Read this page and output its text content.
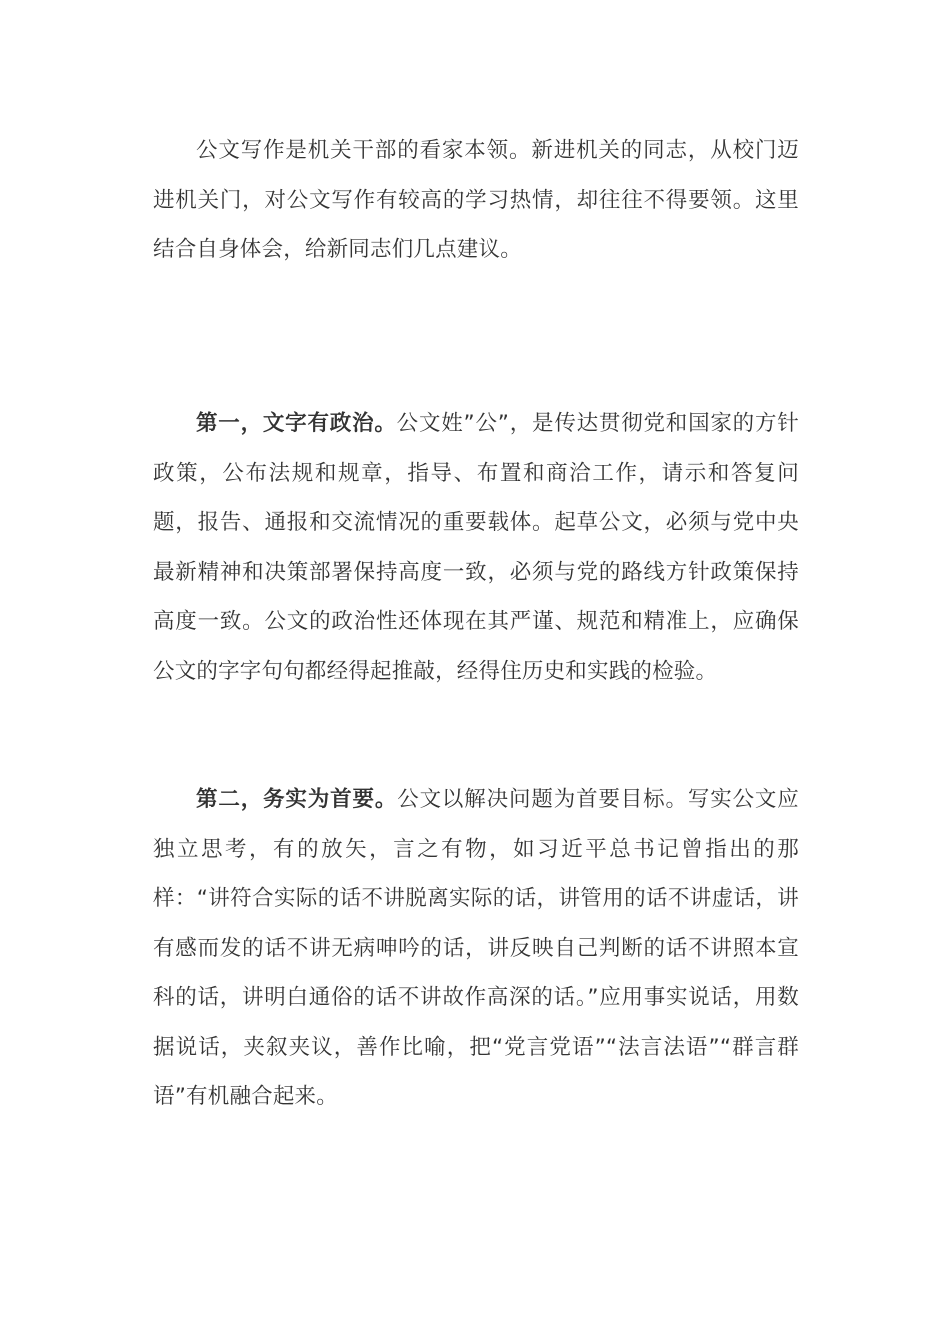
公文写作是机关干部的看家本领。新进机关的同志，从校门迈进机关门，对公文写作有较高的学习热情，却往往不得要领。这里结合自身体会，给新同志们几点建议。

第一，文字有政治。公文姓”公”，是传达贯彻党和国家的方针政策，公布法规和规章，指导、布置和商洽工作，请示和答复问题，报告、通报和交流情况的重要载体。起草公文，必须与党中央最新精神和决策部署保持高度一致，必须与党的路线方针政策保持高度一致。公文的政治性还体现在其严谨、规范和精准上，应确保公文的字字句句都经得起推敲，经得住历史和实践的检验。

第二，务实为首要。公文以解决问题为首要目标。写实公文应独立思考，有的放矢，言之有物，如习近平总书记曾指出的那样：“讲符合实际的话不讲脱离实际的话，讲管用的话不讲虚话，讲有感而发的话不讲无病呻吟的话，讲反映自己判断的话不讲照本宣科的话，讲明白通俗的话不讲故作高深的话。”应用事实说话，用数据说话，夹叙夹议，善作比喻，把“党言党语”“法言法语”“群言群语”有机融合起来。
